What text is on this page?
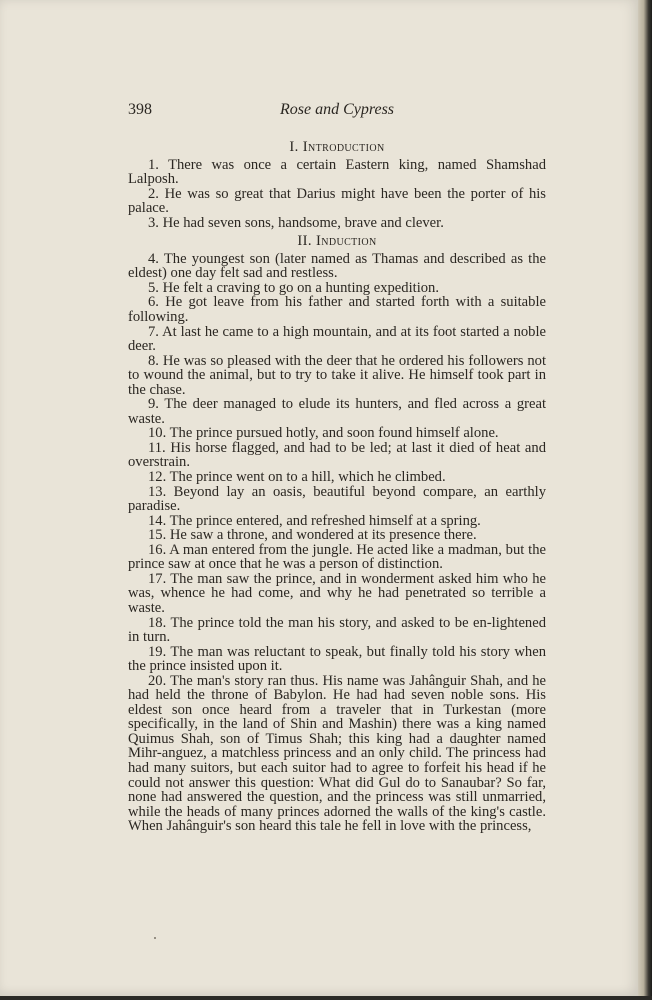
398	Rose and Cypress
I. Introduction

1. There was once a certain Eastern king, named Shamshad Lalposh.

2. He was so great that Darius might have been the porter of his palace.

3. He had seven sons, handsome, brave and clever.

II. Induction

4. The youngest son (later named as Thamas and described as the eldest) one day felt sad and restless.

5. He felt a craving to go on a hunting expedition.

6. He got leave from his father and started forth with a suitable following.

7. At last he came to a high mountain, and at its foot started a noble deer.

8. He was so pleased with the deer that he ordered his followers not to wound the animal, but to try to take it alive. He himself took part in the chase.

9. The deer managed to elude its hunters, and fled across a great waste.

10. The prince pursued hotly, and soon found himself alone.

11. His horse flagged, and had to be led; at last it died of heat and overstrain.

12. The prince went on to a hill, which he climbed.

13. Beyond lay an oasis, beautiful beyond compare, an earthly paradise.

14. The prince entered, and refreshed himself at a spring.

15. He saw a throne, and wondered at its presence there.

16. A man entered from the jungle. He acted like a madman, but the prince saw at once that he was a person of distinction.

17. The man saw the prince, and in wonderment asked him who he was, whence he had come, and why he had penetrated so terrible a waste.

18. The prince told the man his story, and asked to be en-lightened in turn.

19. The man was reluctant to speak, but finally told his story when the prince insisted upon it.

20. The man's story ran thus. His name was Jahânguir Shah, and he had held the throne of Babylon. He had had seven noble sons. His eldest son once heard from a traveler that in Turkestan (more specifically, in the land of Shin and Mashin) there was a king named Quimus Shah, son of Timus Shah; this king had a daughter named Mihr-anguez, a matchless princess and an only child. The princess had had many suitors, but each suitor had to agree to forfeit his head if he could not answer this question: What did Gul do to Sanaubar? So far, none had answered the question, and the princess was still unmarried, while the heads of many princes adorned the walls of the king's castle. When Jahânguir's son heard this tale he fell in love with the princess,
